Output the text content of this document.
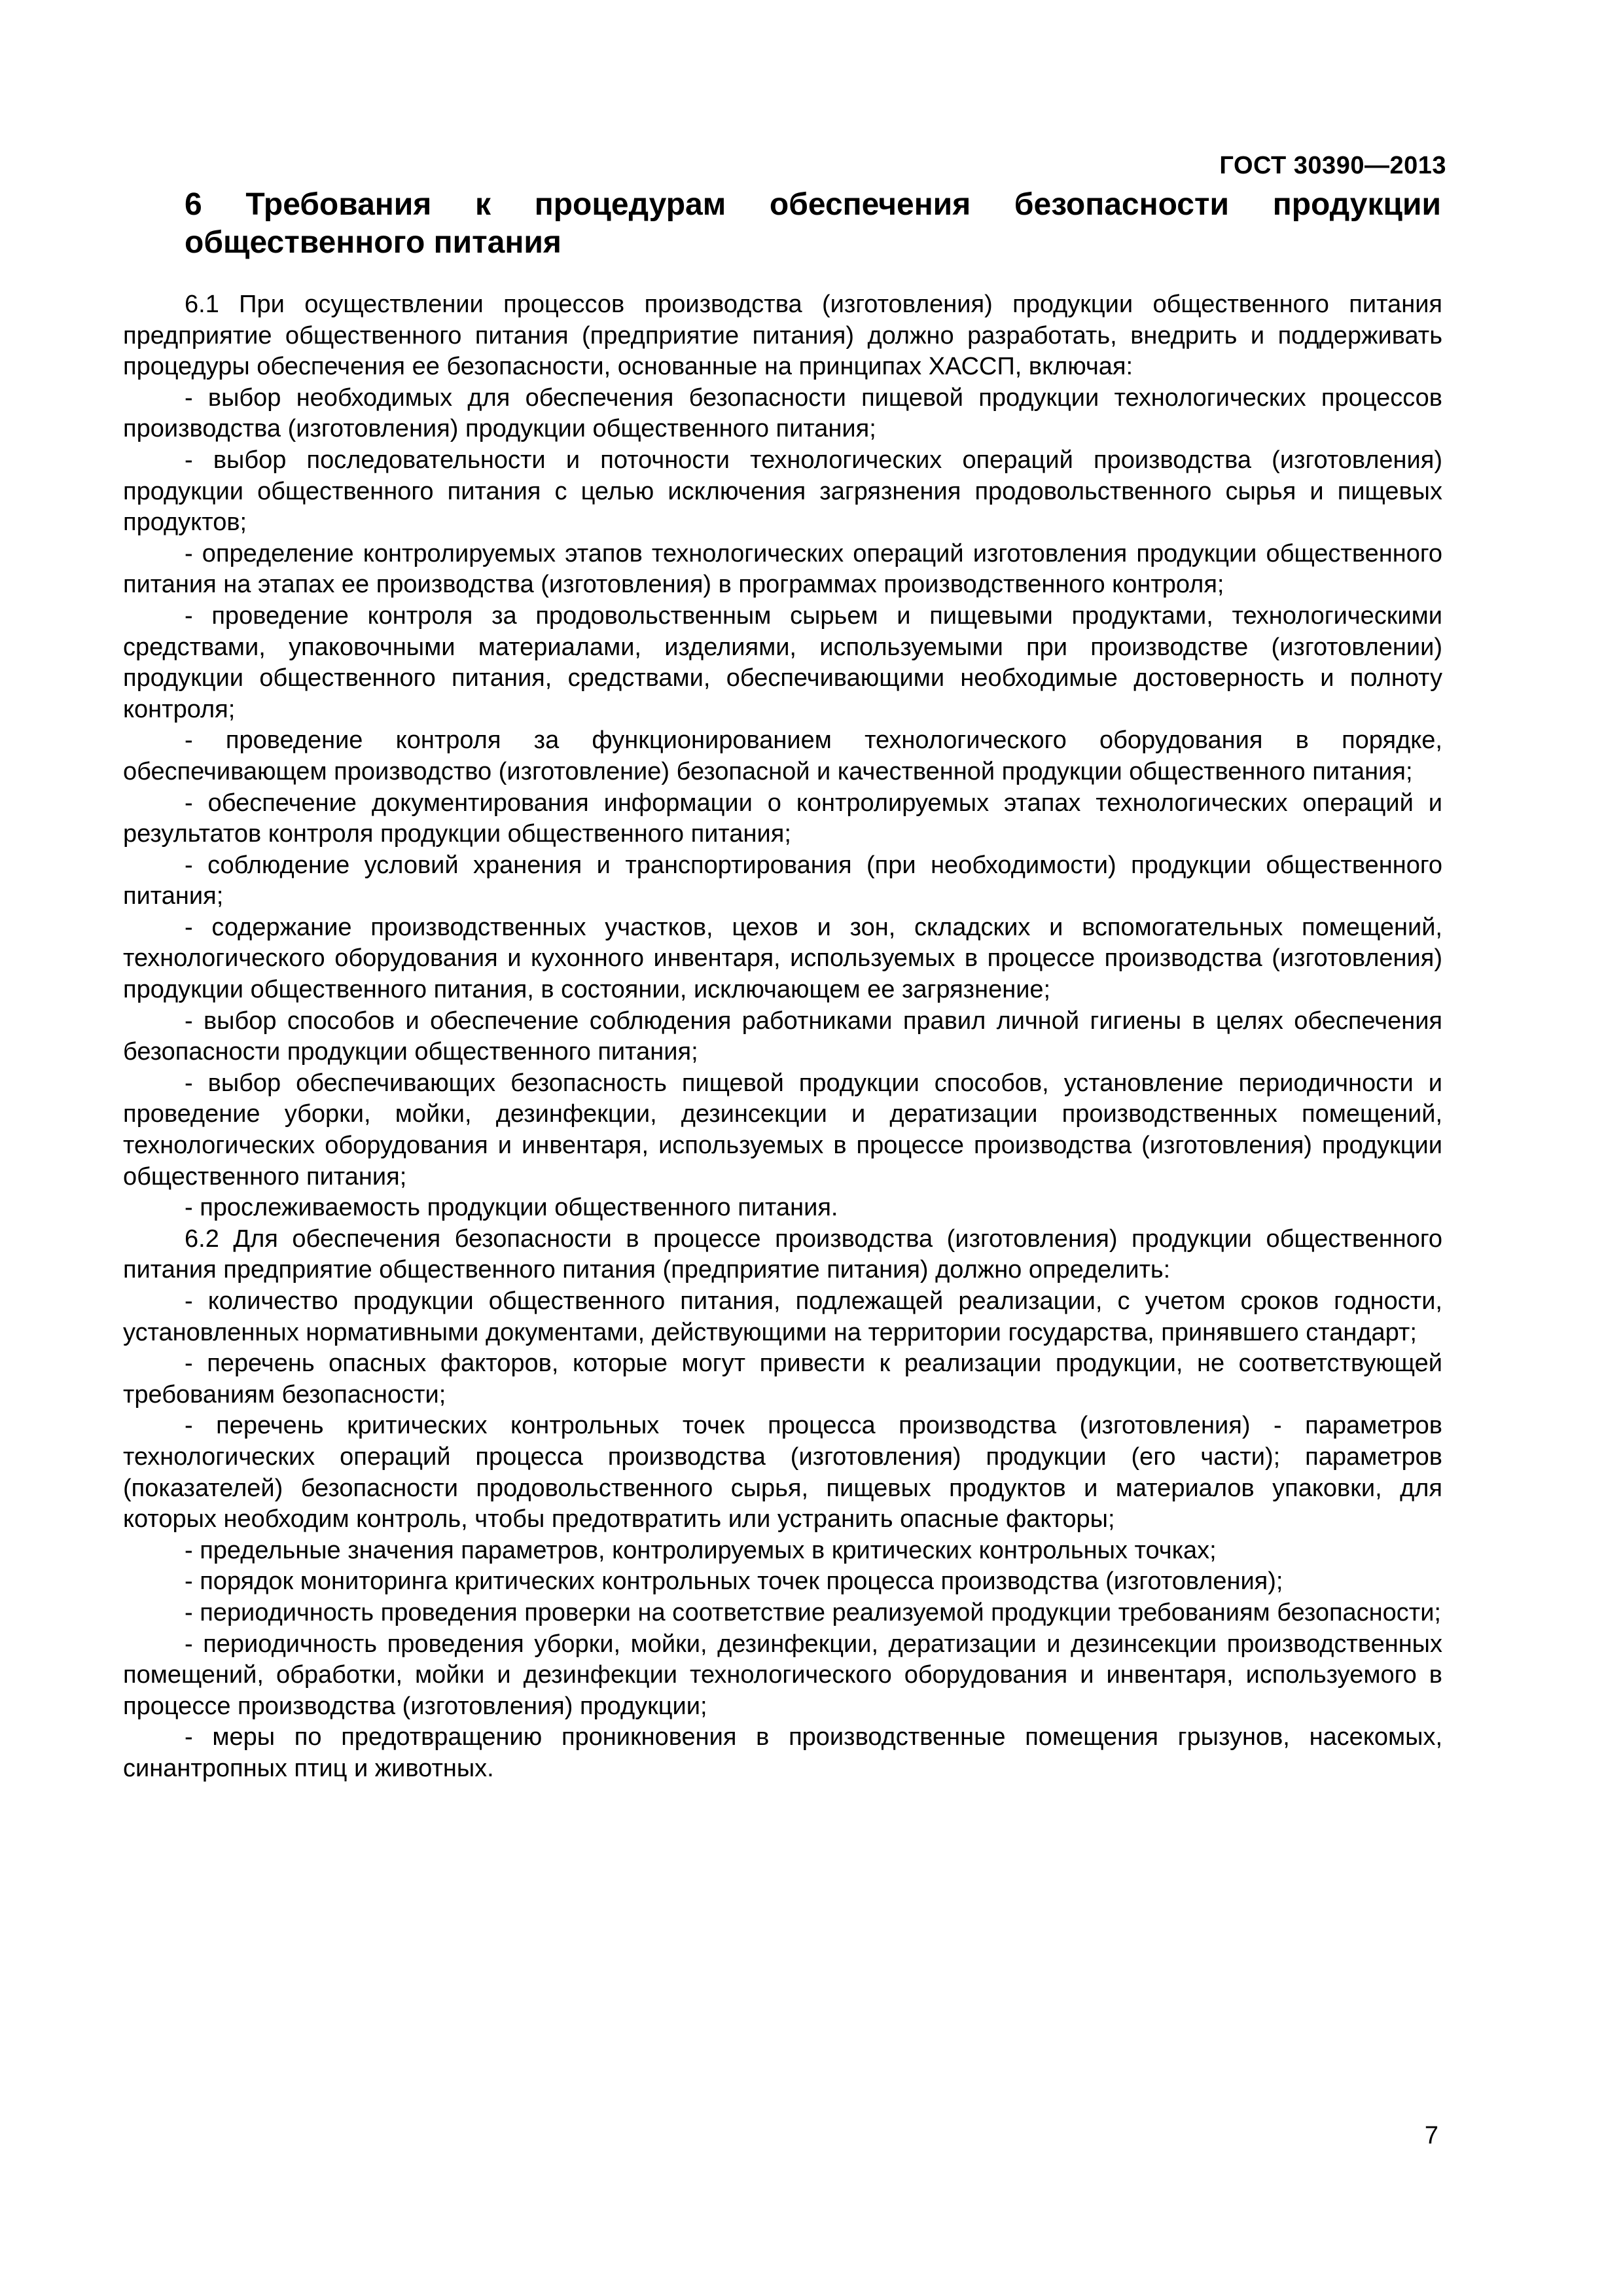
ГОСТ 30390—2013
6 Требования к процедурам обеспечения безопасности продукции общественного питания

6.1 При осуществлении процессов производства (изготовления) продукции общественного питания предприятие общественного питания (предприятие питания) должно разработать, внедрить и поддерживать процедуры обеспечения ее безопасности, основанные на принципах ХАССП, включая:

- выбор необходимых для обеспечения безопасности пищевой продукции технологических процессов производства (изготовления) продукции общественного питания;

- выбор последовательности и поточности технологических операций производства (изготовления) продукции общественного питания с целью исключения загрязнения продовольственного сырья и пищевых продуктов;

- определение контролируемых этапов технологических операций изготовления продукции общественного питания на этапах ее производства (изготовления) в программах производственного контроля;

- проведение контроля за продовольственным сырьем и пищевыми продуктами, технологическими средствами, упаковочными материалами, изделиями, используемыми при производстве (изготовлении) продукции общественного питания, средствами, обеспечивающими необходимые достоверность и полноту контроля;

- проведение контроля за функционированием технологического оборудования в порядке, обеспечивающем производство (изготовление) безопасной и качественной продукции общественного питания;

- обеспечение документирования информации о контролируемых этапах технологических операций и результатов контроля продукции общественного питания;

- соблюдение условий хранения и транспортирования (при необходимости) продукции общественного питания;

- содержание производственных участков, цехов и зон, складских и вспомогательных помещений, технологического оборудования и кухонного инвентаря, используемых в процессе производства (изготовления) продукции общественного питания, в состоянии, исключающем ее загрязнение;

- выбор способов и обеспечение соблюдения работниками правил личной гигиены в целях обеспечения безопасности продукции общественного питания;

- выбор обеспечивающих безопасность пищевой продукции способов, установление периодичности и проведение уборки, мойки, дезинфекции, дезинсекции и дератизации производственных помещений, технологических оборудования и инвентаря, используемых в процессе производства (изготовления) продукции общественного питания;

- прослеживаемость продукции общественного питания.

6.2 Для обеспечения безопасности в процессе производства (изготовления) продукции общественного питания предприятие общественного питания (предприятие питания) должно определить:

- количество продукции общественного питания, подлежащей реализации, с учетом сроков годности, установленных нормативными документами, действующими на территории государства, принявшего стандарт;

- перечень опасных факторов, которые могут привести к реализации продукции, не соответствующей требованиям безопасности;

- перечень критических контрольных точек процесса производства (изготовления) - параметров технологических операций процесса производства (изготовления) продукции (его части); параметров (показателей) безопасности продовольственного сырья, пищевых продуктов и материалов упаковки, для которых необходим контроль, чтобы предотвратить или устранить опасные факторы;

- предельные значения параметров, контролируемых в критических контрольных точках;

- порядок мониторинга критических контрольных точек процесса производства (изготовления);

- периодичность проведения проверки на соответствие реализуемой продукции требованиям безопасности;

- периодичность проведения уборки, мойки, дезинфекции, дератизации и дезинсекции производственных помещений, обработки, мойки и дезинфекции технологического оборудования и инвентаря, используемого в процессе производства (изготовления) продукции;

- меры по предотвращению проникновения в производственные помещения грызунов, насекомых, синантропных птиц и животных.

7
